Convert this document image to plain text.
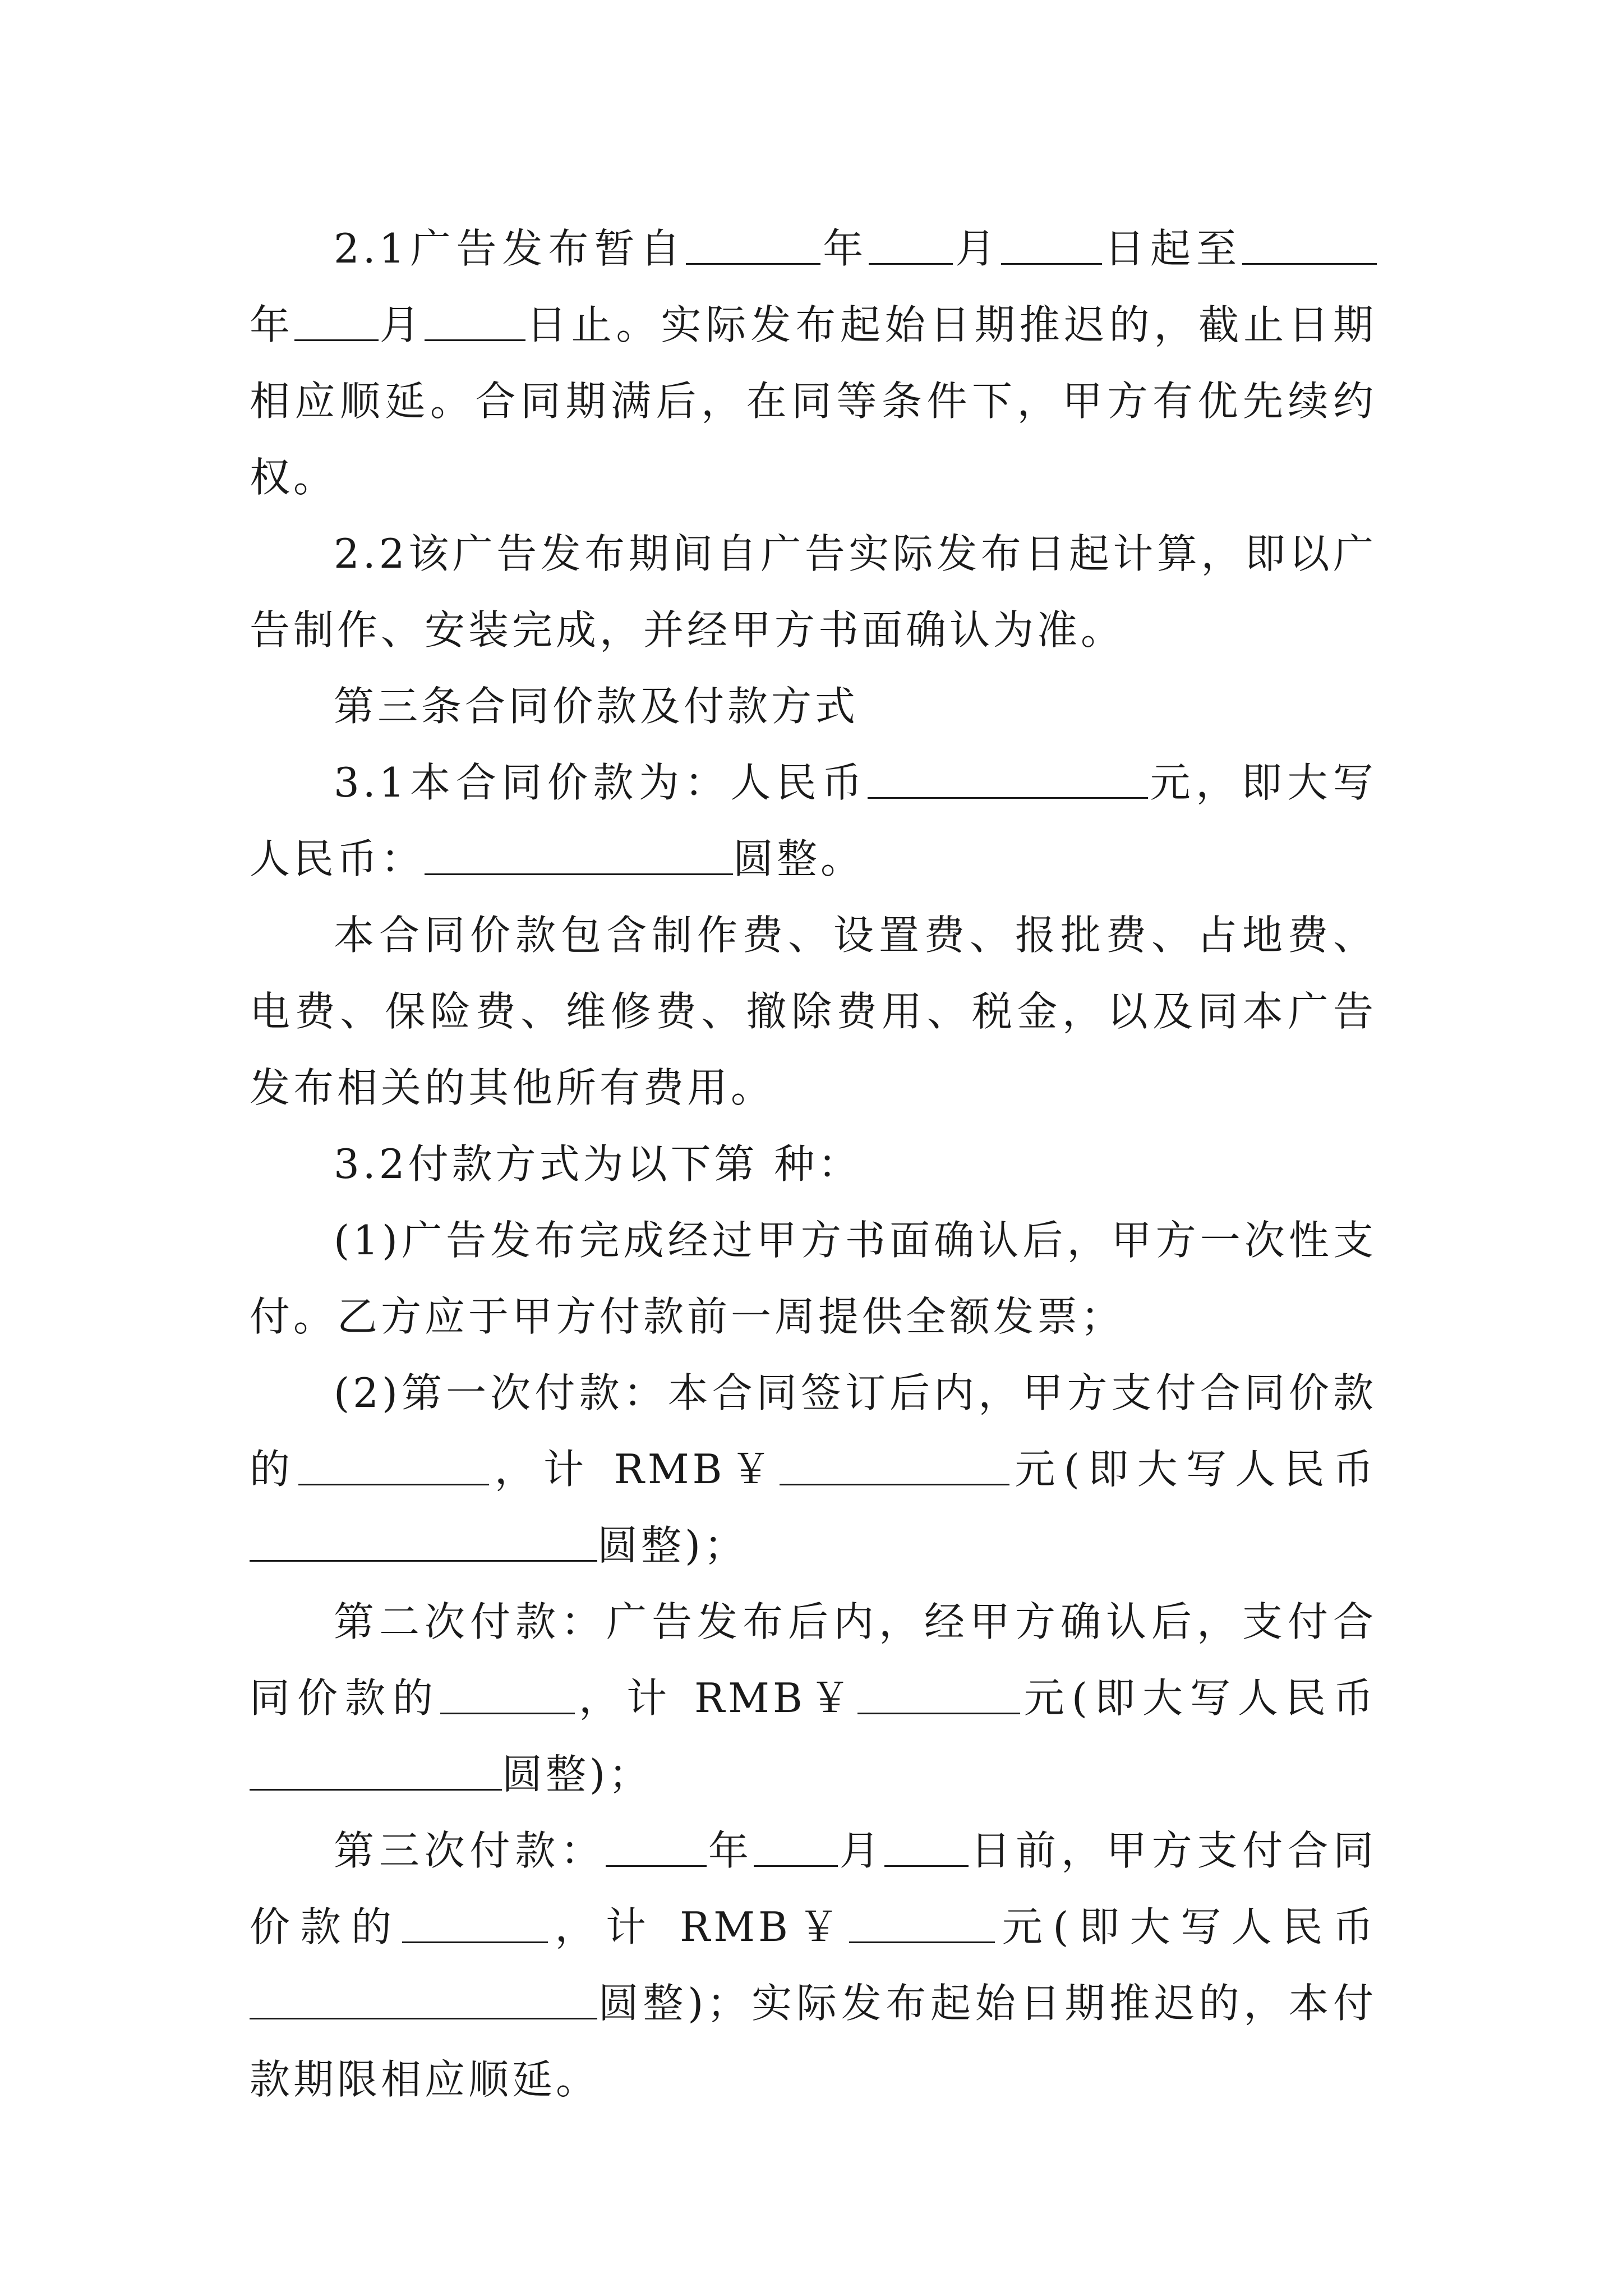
2.1广告发布暂自	年 月	日起至年 月	日止。实际发布起始日期推迟的，截止日期相应顺延。合同期满后，在同等条件下，甲方有优先续约权。

2.2该广告发布期间自广告实际发布日起计算，即以广告制作、安装完成，并经甲方书面确认为准。

第三条合同价款及付款方式

3.1本合同价款为：人民币	元，即大写人民币：	圆整。

本合同价款包含制作费、设置费、报批费、占地费、电费、保险费、维修费、撤除费用、税金，以及同本广告发布相关的其他所有费用。

3.2付款方式为以下第 种：

(1)广告发布完成经过甲方书面确认后，甲方一次性支付。乙方应于甲方付款前一周提供全额发票；

(2)第一次付款：本合同签订后内，甲方支付合同价款的	，计 RMB￥	元(即大写人民币圆整)；

第二次付款：广告发布后内，经甲方确认后，支付合同价款的	，计 RMB￥	元(即大写人民币圆整)；

第三次付款：	年 月 日前，甲方支付合同价款的	，计 RMB￥	元(即大写人民币圆整)；实际发布起始日期推迟的，本付款期限相应顺延。
